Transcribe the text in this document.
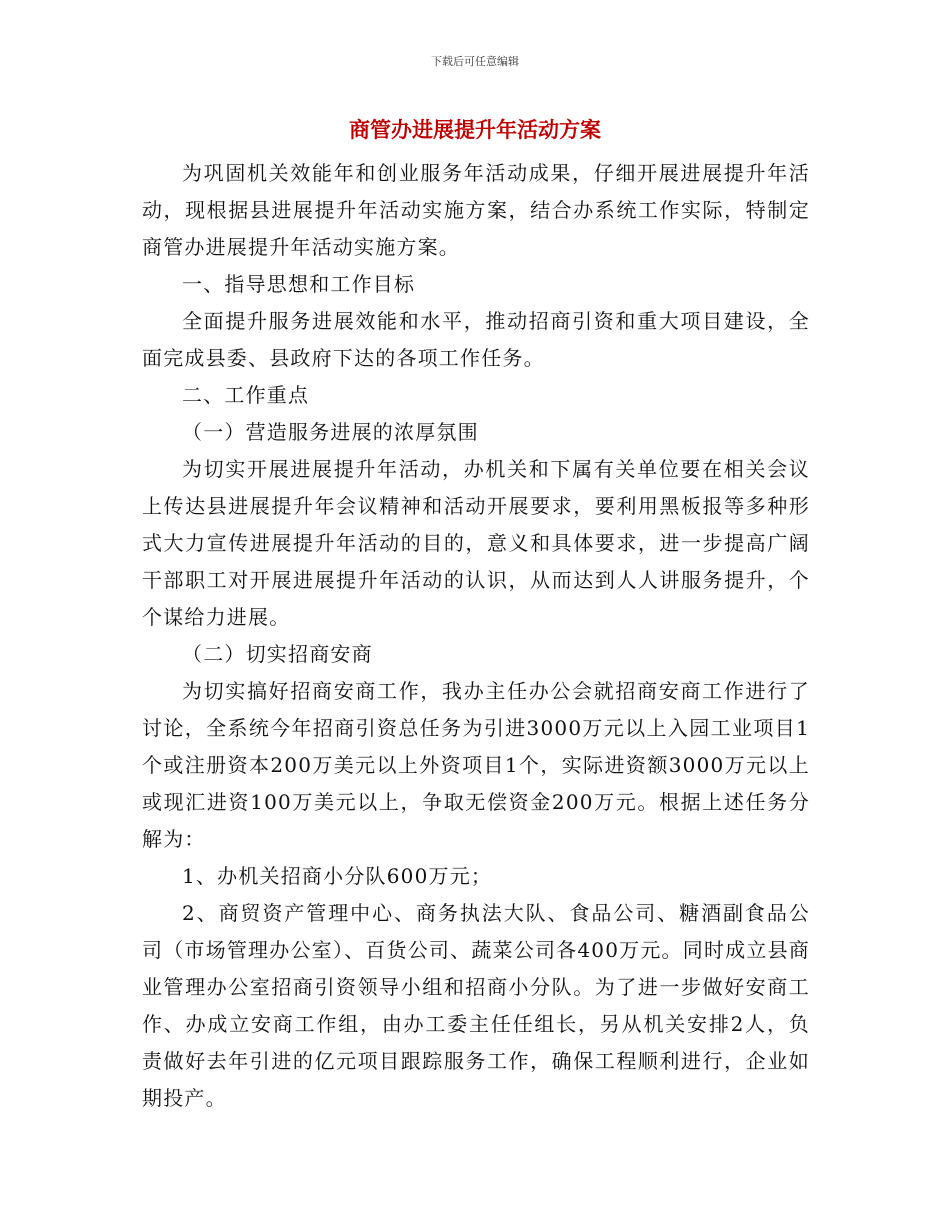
下载后可任意编辑
商管办进展提升年活动方案

为巩固机关效能年和创业服务年活动成果，仔细开展进展提升年活动，现根据县进展提升年活动实施方案，结合办系统工作实际，特制定商管办进展提升年活动实施方案。

一、指导思想和工作目标

全面提升服务进展效能和水平，推动招商引资和重大项目建设，全面完成县委、县政府下达的各项工作任务。

二、工作重点

（一）营造服务进展的浓厚氛围

为切实开展进展提升年活动，办机关和下属有关单位要在相关会议上传达县进展提升年会议精神和活动开展要求，要利用黑板报等多种形式大力宣传进展提升年活动的目的，意义和具体要求，进一步提高广阔干部职工对开展进展提升年活动的认识，从而达到人人讲服务提升，个个谋给力进展。

（二）切实招商安商

为切实搞好招商安商工作，我办主任办公会就招商安商工作进行了讨论，全系统今年招商引资总任务为引进3000万元以上入园工业项目1个或注册资本200万美元以上外资项目1个，实际进资额3000万元以上或现汇进资100万美元以上，争取无偿资金200万元。根据上述任务分解为：

1、办机关招商小分队600万元；

2、商贸资产管理中心、商务执法大队、食品公司、糖酒副食品公司（市场管理办公室）、百货公司、蔬菜公司各400万元。同时成立县商业管理办公室招商引资领导小组和招商小分队。为了进一步做好安商工作、办成立安商工作组，由办工委主任任组长，另从机关安排2人，负责做好去年引进的亿元项目跟踪服务工作，确保工程顺利进行，企业如期投产。
